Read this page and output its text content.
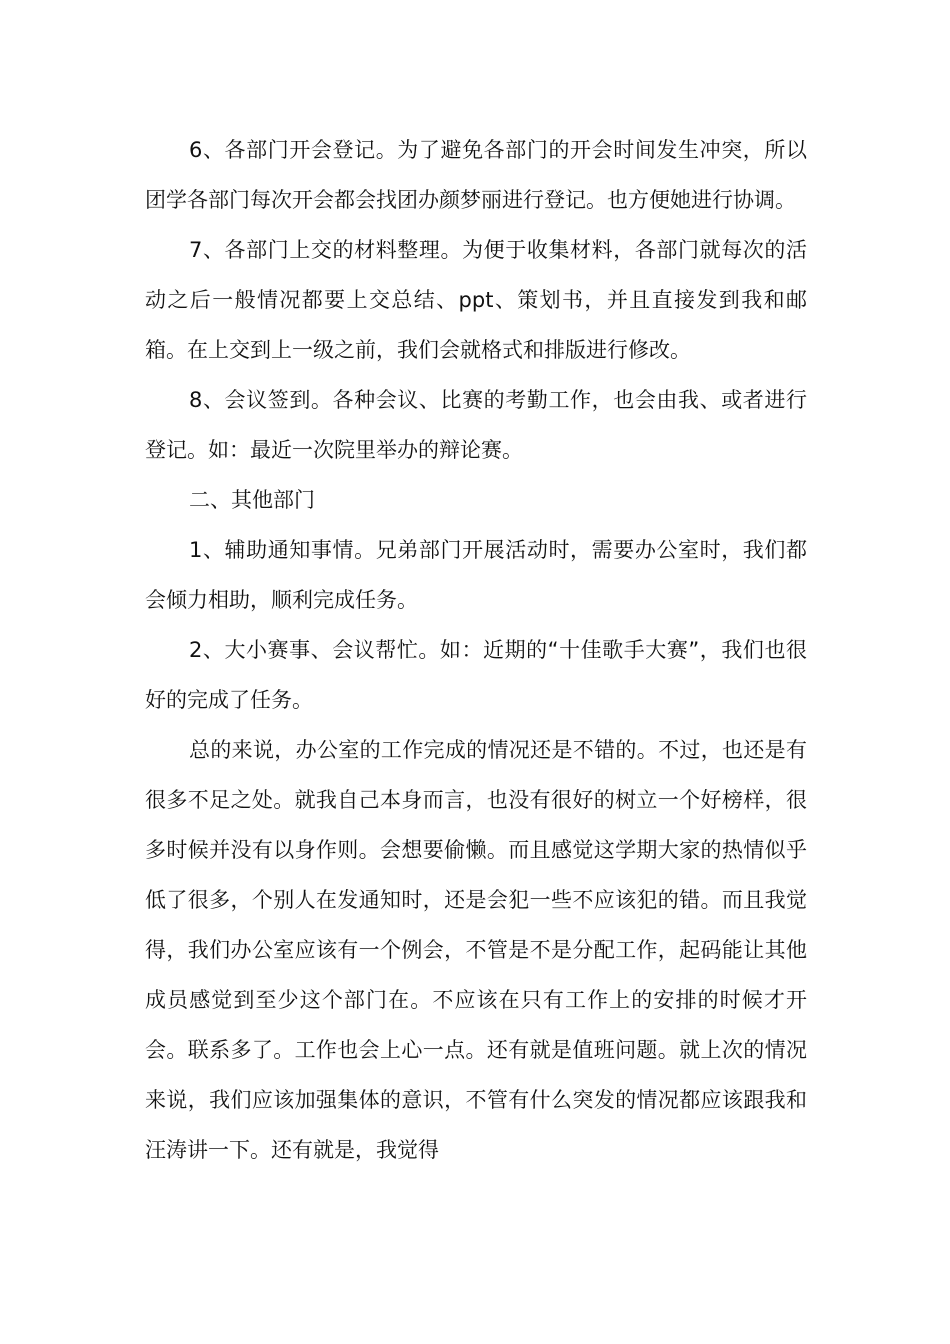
6、各部门开会登记。为了避免各部门的开会时间发生冲突，所以团学各部门每次开会都会找团办颜梦丽进行登记。也方便她进行协调。

7、各部门上交的材料整理。为便于收集材料，各部门就每次的活动之后一般情况都要上交总结、ppt、策划书，并且直接发到我和邮箱。在上交到上一级之前，我们会就格式和排版进行修改。

8、会议签到。各种会议、比赛的考勤工作，也会由我、或者进行登记。如：最近一次院里举办的辩论赛。

二、其他部门

1、辅助通知事情。兄弟部门开展活动时，需要办公室时，我们都会倾力相助，顺利完成任务。

2、大小赛事、会议帮忙。如：近期的“十佳歌手大赛”，我们也很好的完成了任务。

总的来说，办公室的工作完成的情况还是不错的。不过，也还是有很多不足之处。就我自己本身而言，也没有很好的树立一个好榜样，很多时候并没有以身作则。会想要偷懒。而且感觉这学期大家的热情似乎低了很多，个别人在发通知时，还是会犯一些不应该犯的错。而且我觉得，我们办公室应该有一个例会，不管是不是分配工作，起码能让其他成员感觉到至少这个部门在。不应该在只有工作上的安排的时候才开会。联系多了。工作也会上心一点。还有就是值班问题。就上次的情况来说，我们应该加强集体的意识，不管有什么突发的情况都应该跟我和汪涛讲一下。还有就是，我觉得
